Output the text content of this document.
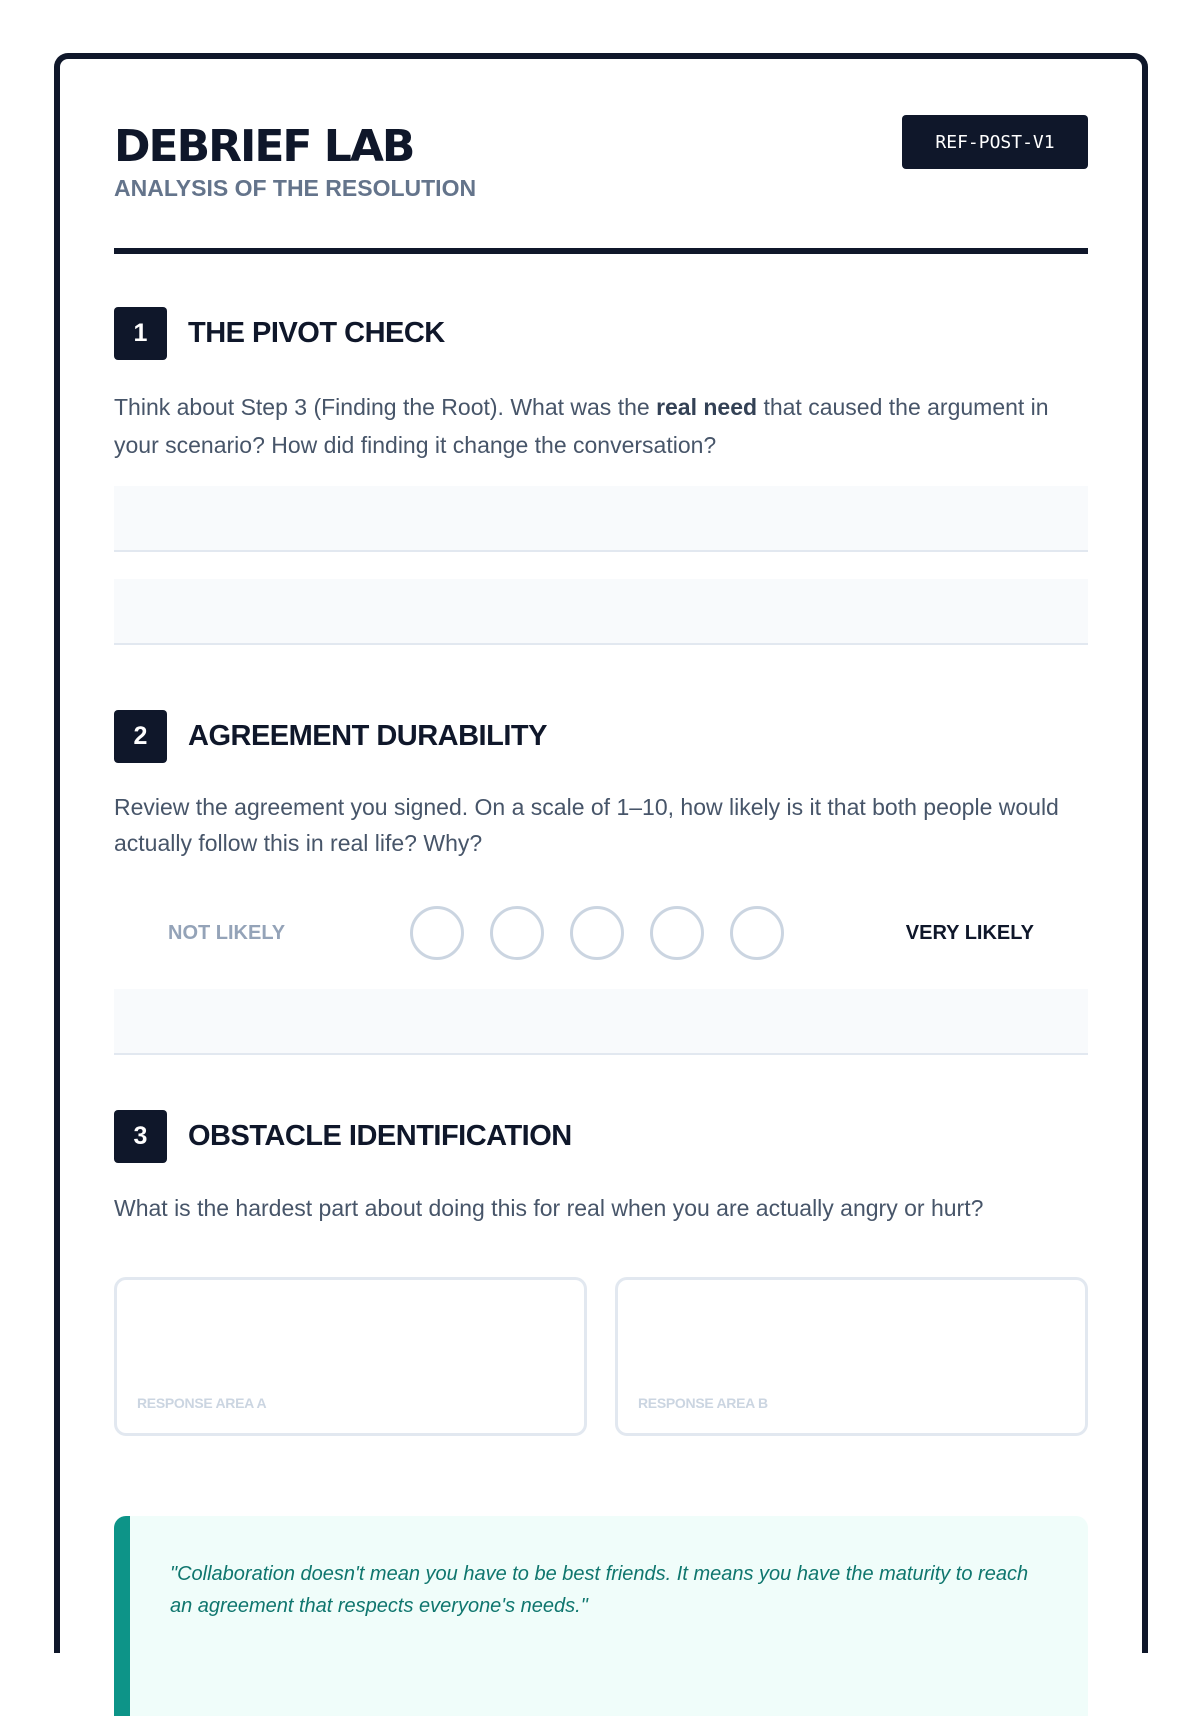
DEBRIEF LAB
ANALYSIS OF THE RESOLUTION
REF-POST-V1
1	THE PIVOT CHECK

Think about Step 3 (Finding the Root). What was the real need that caused the argument in your scenario? How did finding it change the conversation?

2	AGREEMENT DURABILITY

Review the agreement you signed. On a scale of 1–10, how likely is it that both people would actually follow this in real life? Why?

NOT LIKELY	VERY LIKELY
3	OBSTACLE IDENTIFICATION

What is the hardest part about doing this for real when you are actually angry or hurt?

RESPONSE AREA A	RESPONSE AREA B

"Collaboration doesn't mean you have to be best friends. It means you have the maturity to reach an agreement that respects everyone's needs."
